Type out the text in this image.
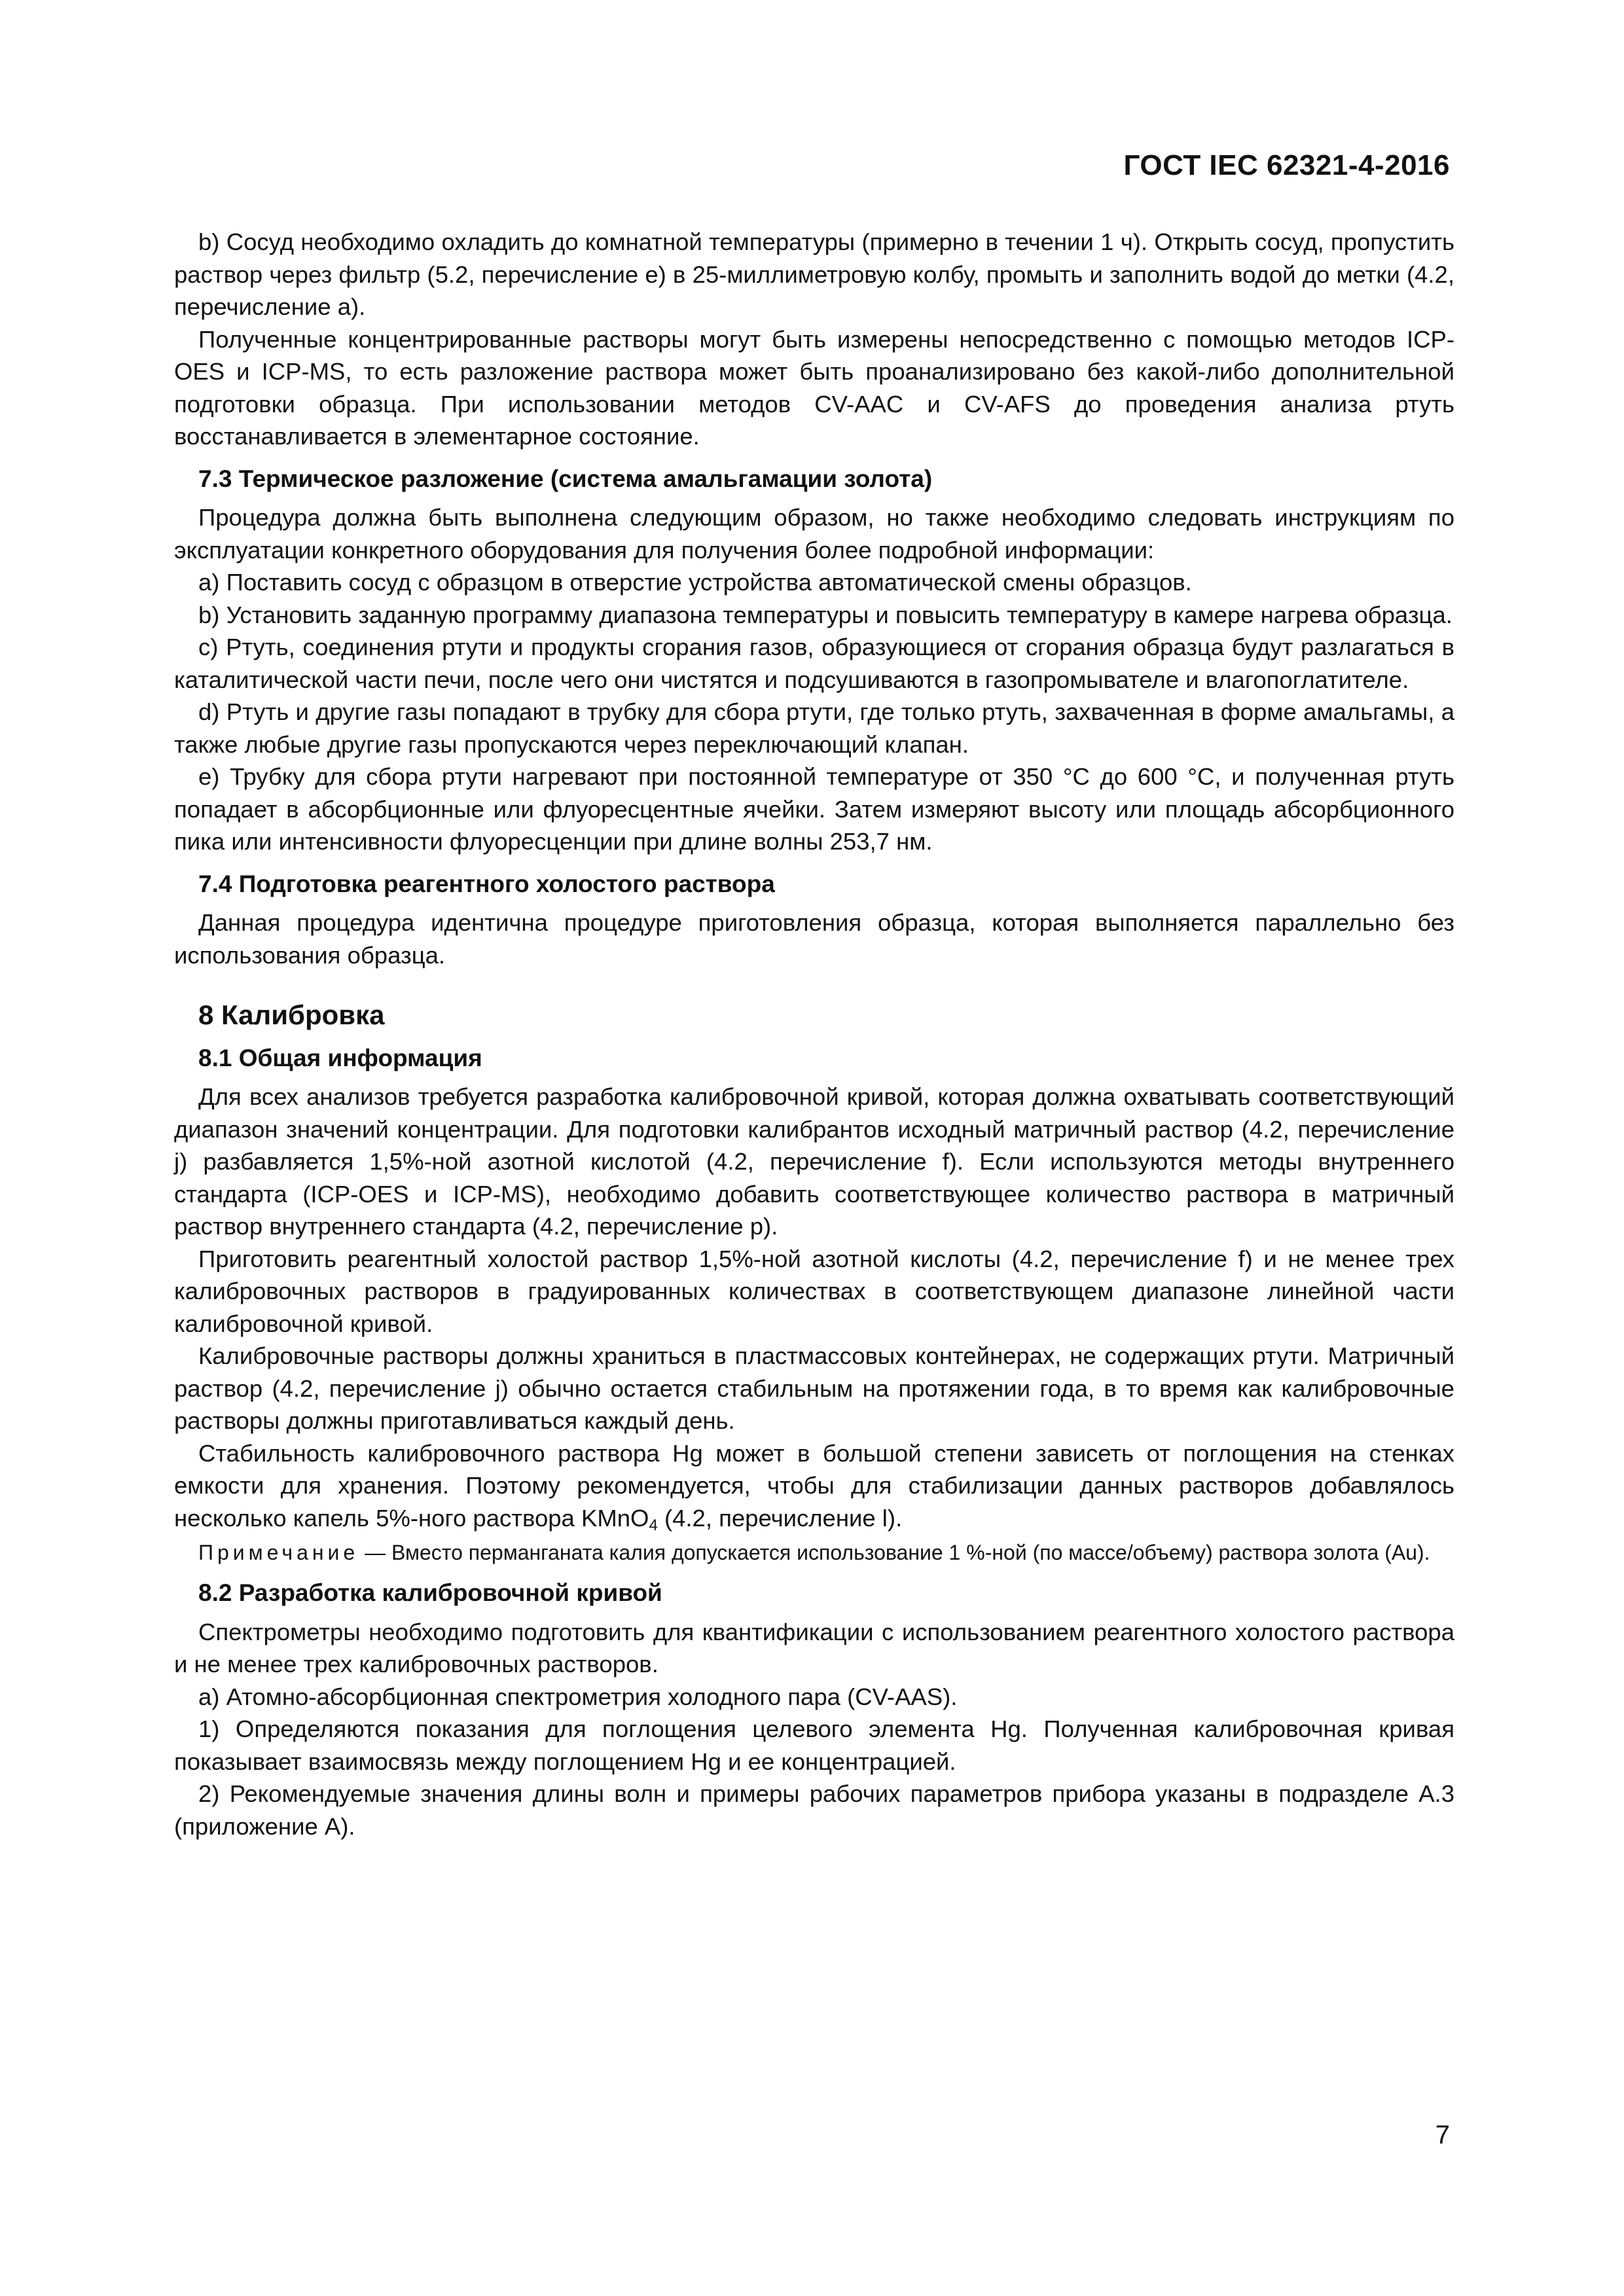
ГОСТ IEC 62321-4-2016

b) Сосуд необходимо охладить до комнатной температуры (примерно в течении 1 ч). Открыть сосуд, пропустить раствор через фильтр (5.2, перечисление е) в 25-миллиметровую колбу, промыть и заполнить водой до метки (4.2, перечисление а).

Полученные концентрированные растворы могут быть измерены непосредственно с помощью методов ICP-OES и ICP-MS, то есть разложение раствора может быть проанализировано без какой-либо дополнительной подготовки образца. При использовании методов CV-AAC и CV-AFS до проведения анализа ртуть восстанавливается в элементарное состояние.

7.3 Термическое разложение (система амальгамации золота)

Процедура должна быть выполнена следующим образом, но также необходимо следовать инструкциям по эксплуатации конкретного оборудования для получения более подробной информации:

a) Поставить сосуд с образцом в отверстие устройства автоматической смены образцов.

b) Установить заданную программу диапазона температуры и повысить температуру в камере нагрева образца.

c) Ртуть, соединения ртути и продукты сгорания газов, образующиеся от сгорания образца будут разлагаться в каталитической части печи, после чего они чистятся и подсушиваются в газопромывателе и влагопоглатителе.

d) Ртуть и другие газы попадают в трубку для сбора ртути, где только ртуть, захваченная в форме амальгамы, а также любые другие газы пропускаются через переключающий клапан.

e) Трубку для сбора ртути нагревают при постоянной температуре от 350 °C до 600 °C, и полученная ртуть попадает в абсорбционные или флуоресцентные ячейки. Затем измеряют высоту или площадь абсорбционного пика или интенсивности флуоресценции при длине волны 253,7 нм.

7.4 Подготовка реагентного холостого раствора

Данная процедура идентична процедуре приготовления образца, которая выполняется параллельно без использования образца.

8 Калибровка
8.1 Общая информация

Для всех анализов требуется разработка калибровочной кривой, которая должна охватывать соответствующий диапазон значений концентрации. Для подготовки калибрантов исходный матричный раствор (4.2, перечисление j) разбавляется 1,5%-ной азотной кислотой (4.2, перечисление f). Если используются методы внутреннего стандарта (ICP-OES и ICP-MS), необходимо добавить соответствующее количество раствора в матричный раствор внутреннего стандарта (4.2, перечисление p).

Приготовить реагентный холостой раствор 1,5%-ной азотной кислоты (4.2, перечисление f) и не менее трех калибровочных растворов в градуированных количествах в соответствующем диапазоне линейной части калибровочной кривой.

Калибровочные растворы должны храниться в пластмассовых контейнерах, не содержащих ртути. Матричный раствор (4.2, перечисление j) обычно остается стабильным на протяжении года, в то время как калибровочные растворы должны приготавливаться каждый день.

Стабильность калибровочного раствора Hg может в большой степени зависеть от поглощения на стенках емкости для хранения. Поэтому рекомендуется, чтобы для стабилизации данных растворов добавлялось несколько капель 5%-ного раствора KMnO$_4$ (4.2, перечисление l).

Примечание — Вместо перманганата калия допускается использование 1 %-ной (по массе/объему) раствора золота (Au).

8.2 Разработка калибровочной кривой

Спектрометры необходимо подготовить для квантификации с использованием реагентного холостого раствора и не менее трех калибровочных растворов.

a) Атомно-абсорбционная спектрометрия холодного пара (CV-AAS).

1) Определяются показания для поглощения целевого элемента Hg. Полученная калибровочная кривая показывает взаимосвязь между поглощением Hg и ее концентрацией.

2) Рекомендуемые значения длины волн и примеры рабочих параметров прибора указаны в подразделе А.3 (приложение А).

7
